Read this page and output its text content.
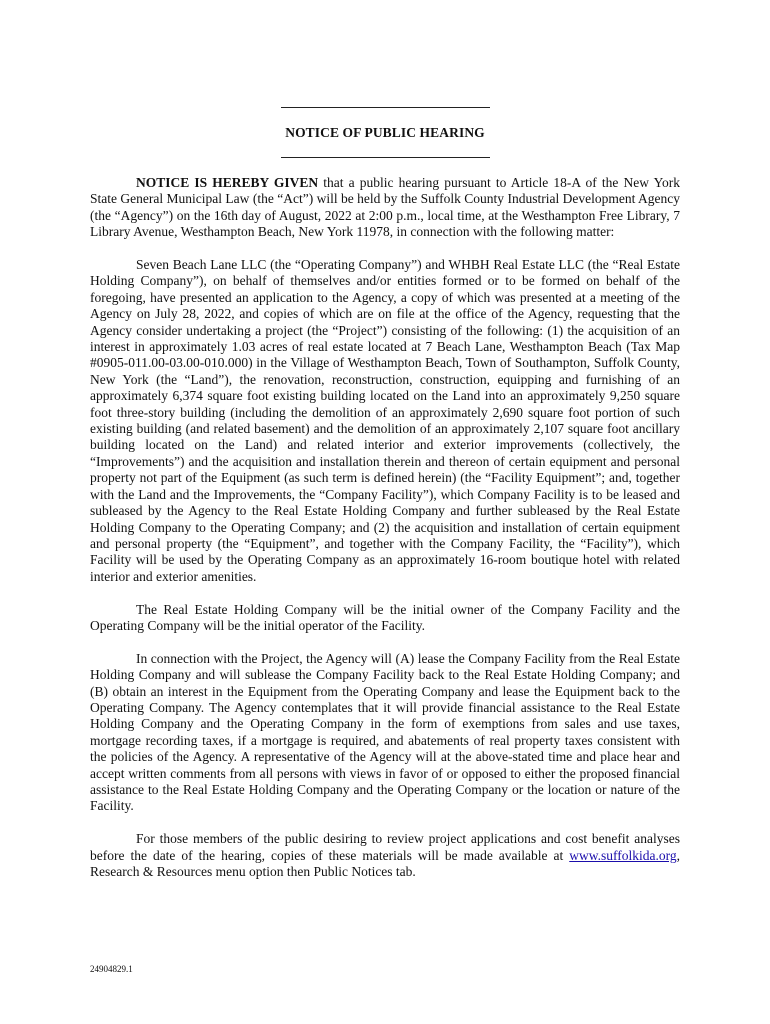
NOTICE OF PUBLIC HEARING

NOTICE IS HEREBY GIVEN that a public hearing pursuant to Article 18-A of the New York State General Municipal Law (the “Act”) will be held by the Suffolk County Industrial Development Agency (the “Agency”) on the 16th day of August, 2022 at 2:00 p.m., local time, at the Westhampton Free Library, 7 Library Avenue, Westhampton Beach, New York 11978, in connection with the following matter:

Seven Beach Lane LLC (the “Operating Company”) and WHBH Real Estate LLC (the “Real Estate Holding Company”), on behalf of themselves and/or entities formed or to be formed on behalf of the foregoing, have presented an application to the Agency, a copy of which was presented at a meeting of the Agency on July 28, 2022, and copies of which are on file at the office of the Agency, requesting that the Agency consider undertaking a project (the “Project”) consisting of the following: (1) the acquisition of an interest in approximately 1.03 acres of real estate located at 7 Beach Lane, Westhampton Beach (Tax Map #0905-011.00-03.00-010.000) in the Village of Westhampton Beach, Town of Southampton, Suffolk County, New York (the “Land”), the renovation, reconstruction, construction, equipping and furnishing of an approximately 6,374 square foot existing building located on the Land into an approximately 9,250 square foot three-story building (including the demolition of an approximately 2,690 square foot portion of such existing building (and related basement) and the demolition of an approximately 2,107 square foot ancillary building located on the Land) and related interior and exterior improvements (collectively, the “Improvements”) and the acquisition and installation therein and thereon of certain equipment and personal property not part of the Equipment (as such term is defined herein) (the “Facility Equipment”; and, together with the Land and the Improvements, the “Company Facility”), which Company Facility is to be leased and subleased by the Agency to the Real Estate Holding Company and further subleased by the Real Estate Holding Company to the Operating Company; and (2) the acquisition and installation of certain equipment and personal property (the “Equipment”, and together with the Company Facility, the “Facility”), which Facility will be used by the Operating Company as an approximately 16-room boutique hotel with related interior and exterior amenities.

The Real Estate Holding Company will be the initial owner of the Company Facility and the Operating Company will be the initial operator of the Facility.

In connection with the Project, the Agency will (A) lease the Company Facility from the Real Estate Holding Company and will sublease the Company Facility back to the Real Estate Holding Company; and (B) obtain an interest in the Equipment from the Operating Company and lease the Equipment back to the Operating Company. The Agency contemplates that it will provide financial assistance to the Real Estate Holding Company and the Operating Company in the form of exemptions from sales and use taxes, mortgage recording taxes, if a mortgage is required, and abatements of real property taxes consistent with the policies of the Agency. A representative of the Agency will at the above-stated time and place hear and accept written comments from all persons with views in favor of or opposed to either the proposed financial assistance to the Real Estate Holding Company and the Operating Company or the location or nature of the Facility.

For those members of the public desiring to review project applications and cost benefit analyses before the date of the hearing, copies of these materials will be made available at www.suffolkida.org, Research & Resources menu option then Public Notices tab.

24904829.1
